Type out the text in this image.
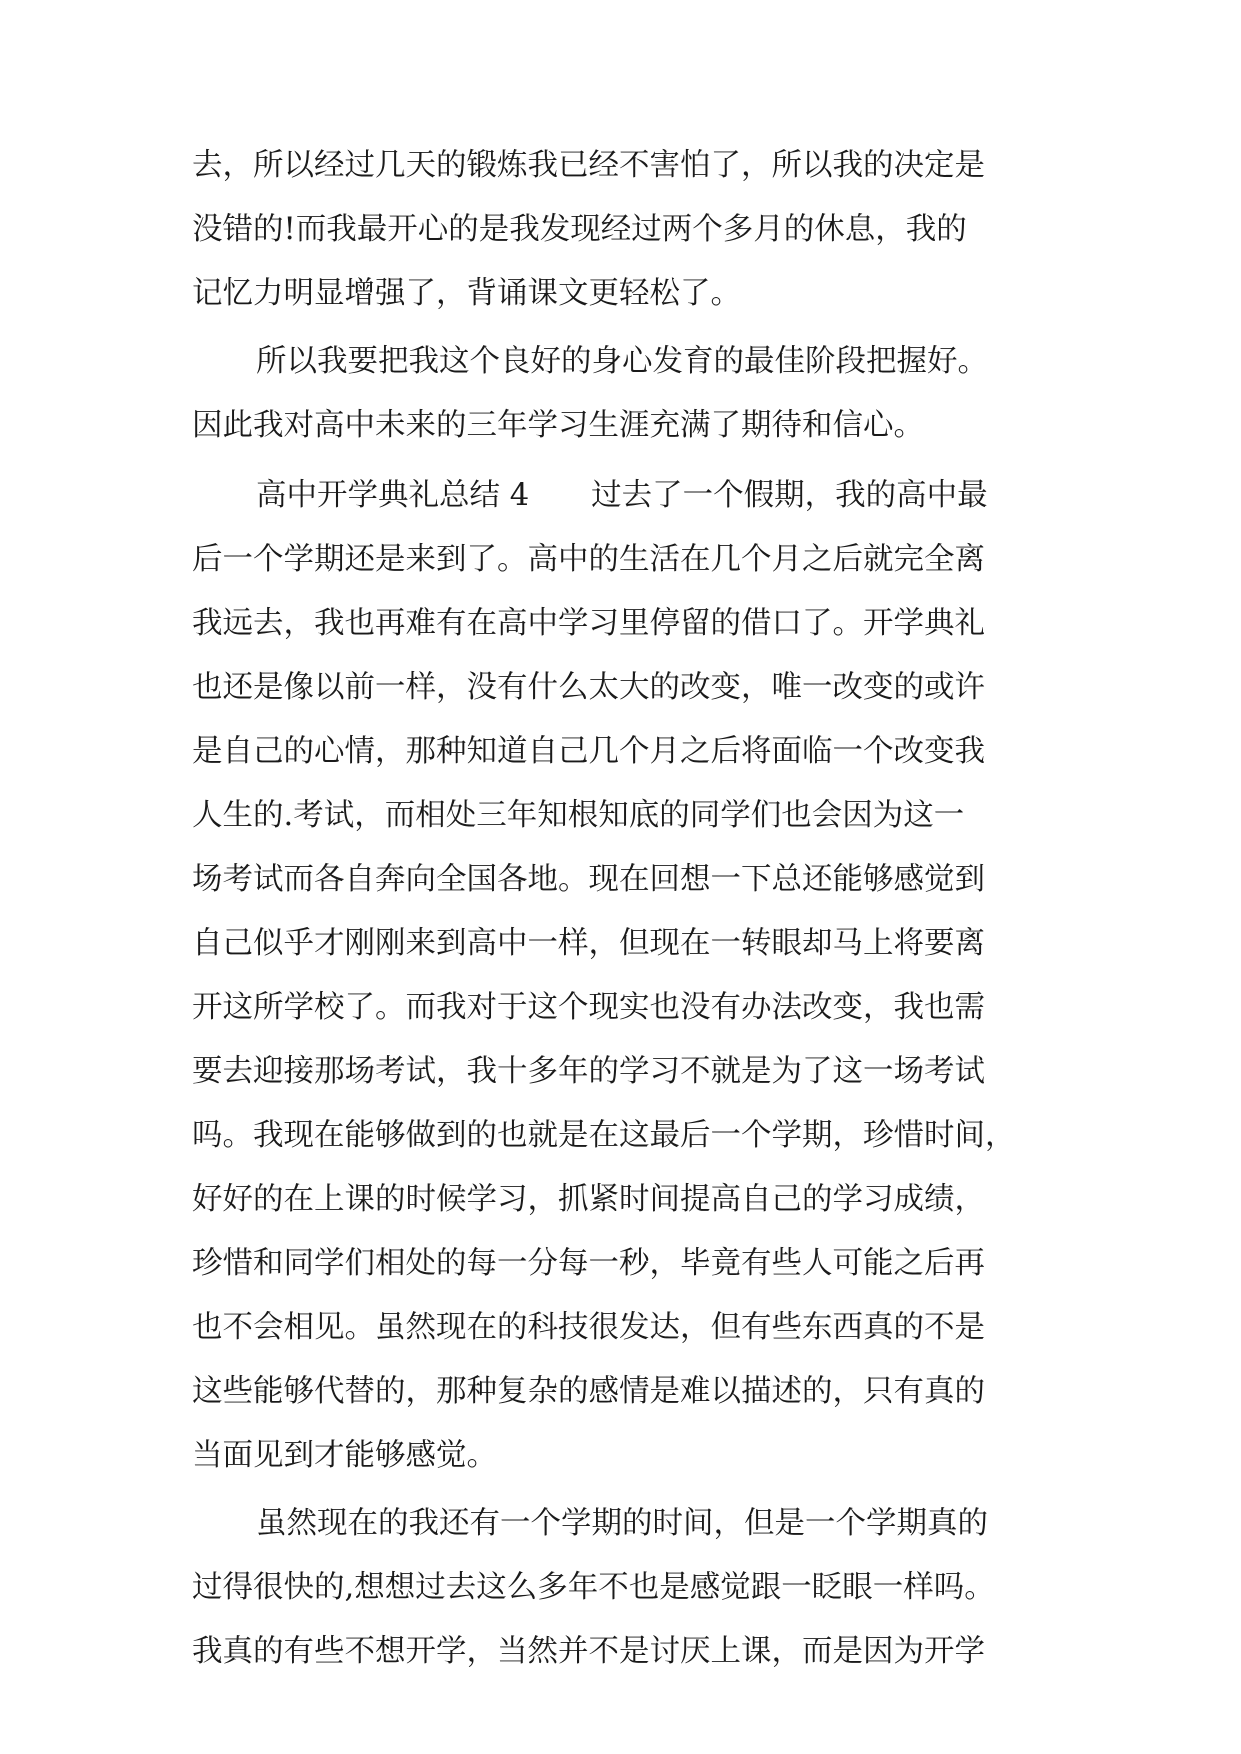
去，所以经过几天的锻炼我已经不害怕了，所以我的决定是
没错的!而我最开心的是我发现经过两个多月的休息，我的
记忆力明显增强了，背诵课文更轻松了。
所以我要把我这个良好的身心发育的最佳阶段把握好。
因此我对高中未来的三年学习生涯充满了期待和信心。
高中开学典礼总结 4 过去了一个假期，我的高中最
后一个学期还是来到了。高中的生活在几个月之后就完全离
我远去，我也再难有在高中学习里停留的借口了。开学典礼
也还是像以前一样，没有什么太大的改变，唯一改变的或许
是自己的心情，那种知道自己几个月之后将面临一个改变我
人生的.考试，而相处三年知根知底的同学们也会因为这一
场考试而各自奔向全国各地。现在回想一下总还能够感觉到
自己似乎才刚刚来到高中一样，但现在一转眼却马上将要离
开这所学校了。而我对于这个现实也没有办法改变，我也需
要去迎接那场考试，我十多年的学习不就是为了这一场考试
吗。我现在能够做到的也就是在这最后一个学期，珍惜时间，
好好的在上课的时候学习，抓紧时间提高自己的学习成绩，
珍惜和同学们相处的每一分每一秒，毕竟有些人可能之后再
也不会相见。虽然现在的科技很发达，但有些东西真的不是
这些能够代替的，那种复杂的感情是难以描述的，只有真的
当面见到才能够感觉。
虽然现在的我还有一个学期的时间，但是一个学期真的
过得很快的,想想过去这么多年不也是感觉跟一眨眼一样吗。
我真的有些不想开学，当然并不是讨厌上课，而是因为开学
